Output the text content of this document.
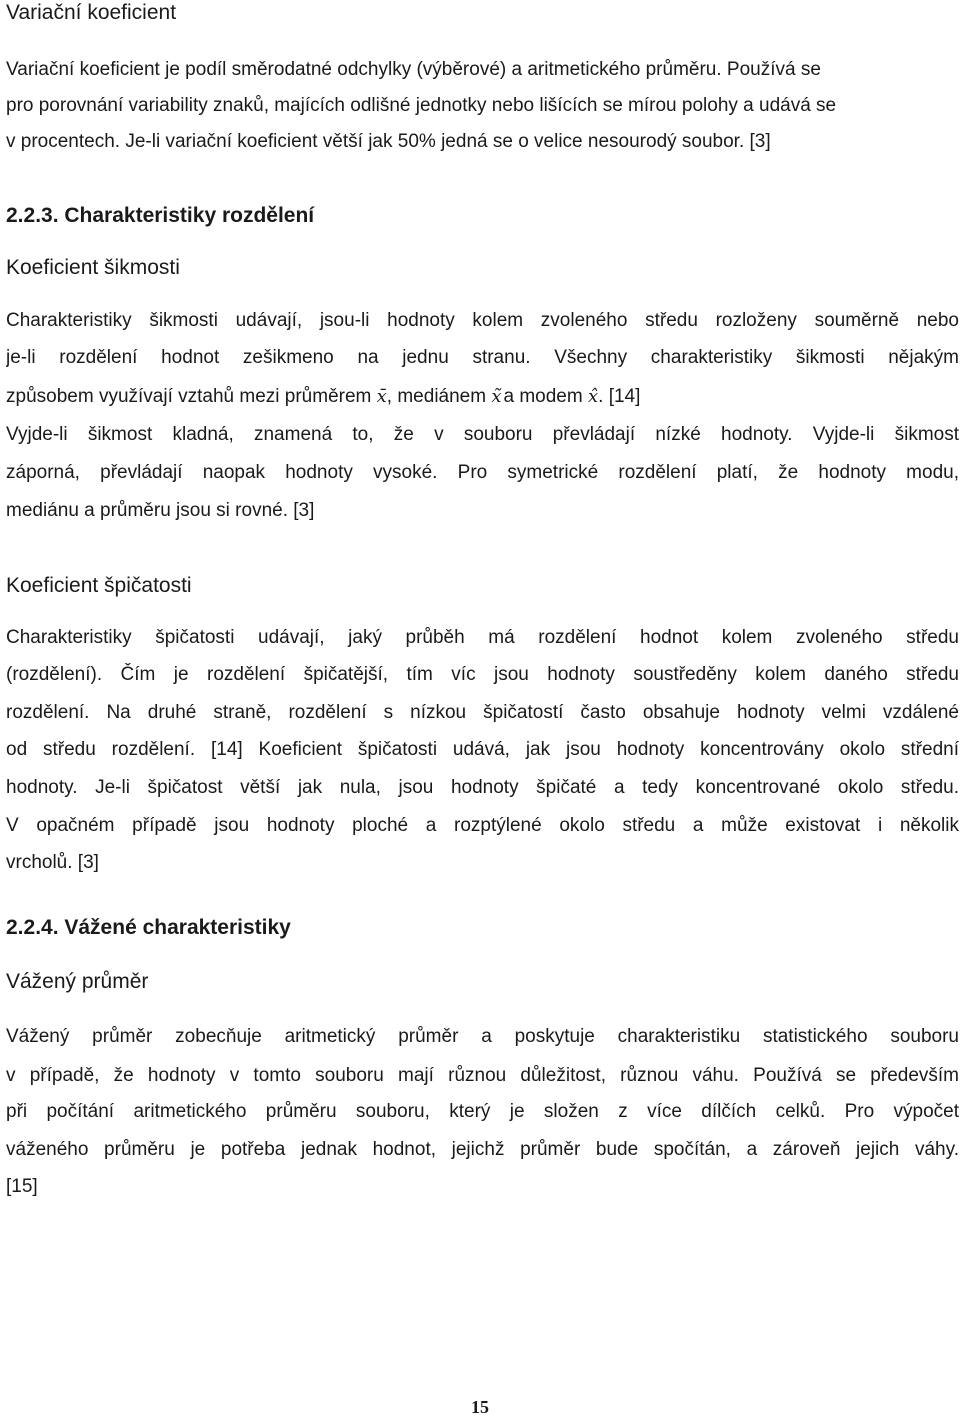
Variační koeficient
Variační koeficient je podíl směrodatné odchylky (výběrové) a aritmetického průměru. Používá se
pro porovnání variability znaků, majících odlišné jednotky nebo lišících se mírou polohy a udává se
v procentech. Je-li variační koeficient větší jak 50% jedná se o velice nesourodý soubor. [3]
2.2.3. Charakteristiky rozdělení
Koeficient šikmosti
Charakteristiky šikmosti udávají, jsou-li hodnoty kolem zvoleného středu rozloženy souměrně nebo
je-li rozdělení hodnot zešikmeno na jednu stranu. Všechny charakteristiky šikmosti nějakým
způsobem využívají vztahů mezi průměrem x̄, mediánem x̃ a modem x̂. [14]
Vyjde-li šikmost kladná, znamená to, že v souboru převládají nízké hodnoty. Vyjde-li šikmost
záporná, převládají naopak hodnoty vysoké. Pro symetrické rozdělení platí, že hodnoty modu,
mediánu a průměru jsou si rovné. [3]
Koeficient špičatosti
Charakteristiky špičatosti udávají, jaký průběh má rozdělení hodnot kolem zvoleného středu
(rozdělení). Čím je rozdělení špičatější, tím víc jsou hodnoty soustředěny kolem daného středu
rozdělení. Na druhé straně, rozdělení s nízkou špičatostí často obsahuje hodnoty velmi vzdálené
od středu rozdělení. [14] Koeficient špičatosti udává, jak jsou hodnoty koncentrovány okolo střední
hodnoty. Je-li špičatost větší jak nula, jsou hodnoty špičaté a tedy koncentrované okolo středu.
V opačném případě jsou hodnoty ploché a rozptýlené okolo středu a může existovat i několik
vrcholů. [3]
2.2.4. Vážené charakteristiky
Vážený průměr
Vážený průměr zobecňuje aritmetický průměr a poskytuje charakteristiku statistického souboru
v případě, že hodnoty v tomto souboru mají různou důležitost, různou váhu. Používá se především
při počítání aritmetického průměru souboru, který je složen z více dílčích celků. Pro výpočet
váženého průměru je potřeba jednak hodnot, jejichž průměr bude spočítán, a zároveň jejich váhy.
[15]
15
